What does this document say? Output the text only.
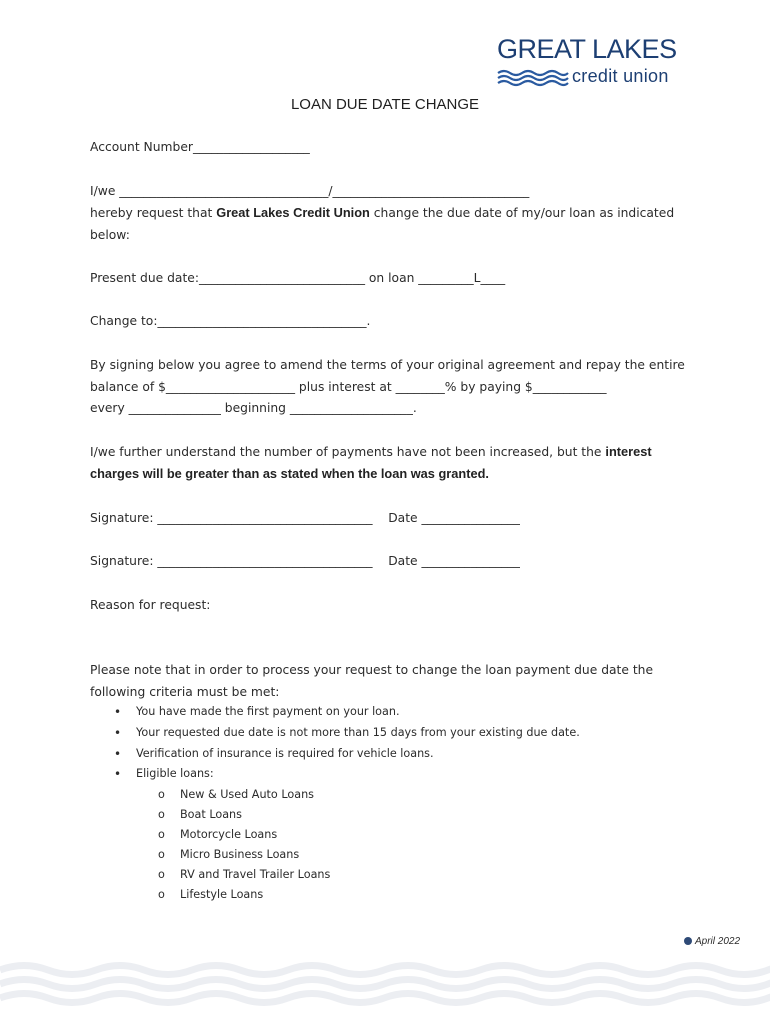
GREAT LAKES
credit union
LOAN DUE DATE CHANGE
Account Number___________________
I/we __________________________________/________________________________
hereby request that Great Lakes Credit Union change the due date of my/our loan as indicated
below:
Present due date:___________________________ on loan _________L____
Change to:__________________________________.
By signing below you agree to amend the terms of your original agreement and repay the entire
balance of $_____________________ plus interest at ________% by paying $____________
every _______________ beginning ____________________.
I/we further understand the number of payments have not been increased, but the interest
charges will be greater than as stated when the loan was granted.
Signature: ___________________________________    Date ________________
Signature: ___________________________________    Date ________________
Reason for request:
Please note that in order to process your request to change the loan payment due date the
following criteria must be met:
• You have made the first payment on your loan.
• Your requested due date is not more than 15 days from your existing due date.
• Verification of insurance is required for vehicle loans.
• Eligible loans:
o New & Used Auto Loans
o Boat Loans
o Motorcycle Loans
o Micro Business Loans
o RV and Travel Trailer Loans
o Lifestyle Loans
April 2022
